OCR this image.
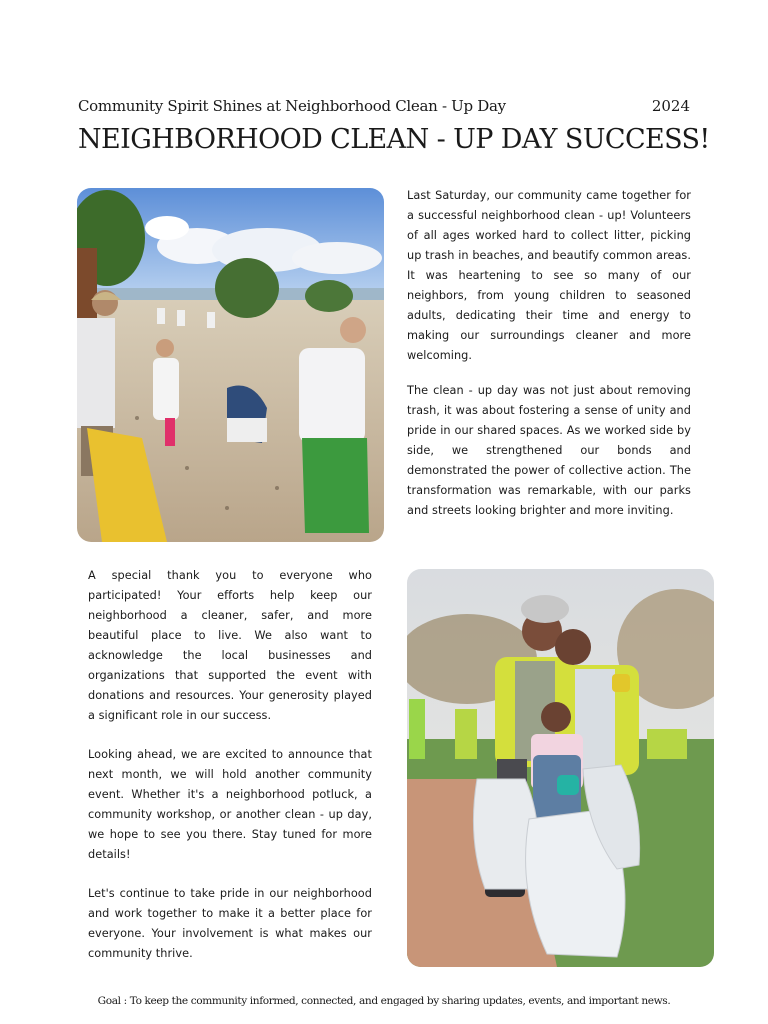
Community Spirit Shines at Neighborhood Clean - Up Day	2024
NEIGHBORHOOD CLEAN - UP DAY SUCCESS!

Last Saturday, our community came together for a successful neighborhood clean - up! Volunteers of all ages worked hard to collect litter, picking up trash in beaches, and beautify common areas. It was heartening to see so many of our neighbors, from young children to seasoned adults, dedicating their time and energy to making our surroundings cleaner and more welcoming.

The clean - up day was not just about removing trash, it was about fostering a sense of unity and pride in our shared spaces. As we worked side by side, we strengthened our bonds and demonstrated the power of collective action. The transformation was remarkable, with our parks and streets looking brighter and more inviting.

A special thank you to everyone who participated! Your efforts help keep our neighborhood a cleaner, safer, and more beautiful place to live. We also want to acknowledge the local businesses and organizations that supported the event with donations and resources. Your generosity played a significant role in our success.

Looking ahead, we are excited to announce that next month, we will hold another community event. Whether it's a neighborhood potluck, a community workshop, or another clean - up day, we hope to see you there. Stay tuned for more details!

Let's continue to take pride in our neighborhood and work together to make it a better place for everyone. Your involvement is what makes our community thrive.

Goal : To keep the community informed, connected, and engaged by sharing updates, events, and important news.
